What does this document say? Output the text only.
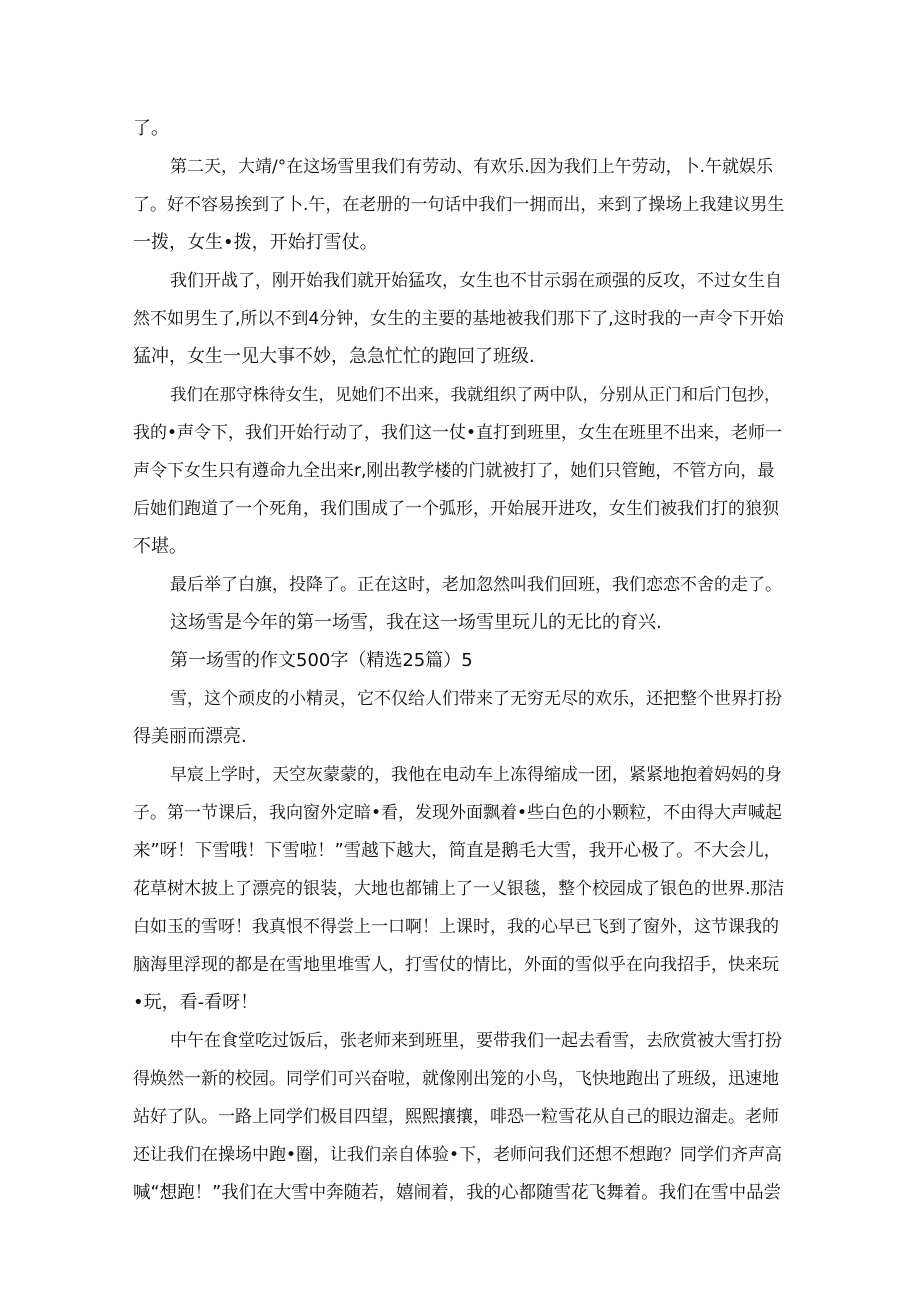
了。
第二天，大靖/°在这场雪里我们有劳动、有欢乐.因为我们上午劳动，卜.午就娱乐
了。好不容易挨到了卜.午，在老册的一句话中我们一拥而出，来到了操场上我建议男生
一拨，女生•拨，开始打雪仗。
我们开战了，刚开始我们就开始猛攻，女生也不甘示弱在顽强的反攻，不过女生自
然不如男生了,所以不到4分钟，女生的主要的基地被我们那下了,这时我的一声令下开始
猛冲，女生一见大事不妙，急急忙忙的跑回了班级.
我们在那守株待女生，见她们不出来，我就组织了两中队，分别从正门和后门包抄，
我的•声令下，我们开始行动了，我们这一仗•直打到班里，女生在班里不出来，老师一
声令下女生只有遵命九全出来r,刚出教学楼的门就被打了，她们只管鲍，不管方向，最
后她们跑道了一个死角，我们围成了一个弧形，开始展开进攻，女生们被我们打的狼狈
不堪。
最后举了白旗，投降了。正在这时，老加忽然叫我们回班，我们恋恋不舍的走了。
这场雪是今年的第一场雪，我在这一场雪里玩儿的无比的育兴.
第一场雪的作文500字（精选25篇）5
雪，这个顽皮的小精灵，它不仅给人们带来了无穷无尽的欢乐，还把整个世界打扮
得美丽而漂亮.
早宸上学时，天空灰蒙蒙的，我他在电动车上冻得缩成一团，紧紧地抱着妈妈的身
子。第一节课后，我向窗外定暗•看，发现外面飘着•些白色的小颗粒，不由得大声喊起
来”呀！下雪哦！下雪啦！”雪越下越大，简直是鹅毛大雪，我开心极了。不大会儿，
花草树木披上了漂亮的银装，大地也都铺上了一乂银毯，整个校园成了银色的世界.那洁
白如玉的雪呀！我真恨不得尝上一口啊！上课时，我的心早已飞到了窗外，这节课我的
脑海里浮现的都是在雪地里堆雪人，打雪仗的情比，外面的雪似乎在向我招手，快来玩
•玩，看-看呀！
中午在食堂吃过饭后，张老师来到班里，要带我们一起去看雪，去欣赏被大雪打扮
得焕然一新的校园。同学们可兴奋啦，就像刚出笼的小鸟，飞快地跑出了班级，迅速地
站好了队。一路上同学们极目四望，熙熙攘攘，啡恐一粒雪花从自己的眼边溜走。老师
还让我们在操场中跑•圈，让我们亲自体验•下，老师问我们还想不想跑？同学们齐声高
喊“想跑！”我们在大雪中奔随若，嬉闹着，我的心都随雪花飞舞着。我们在雪中品尝
